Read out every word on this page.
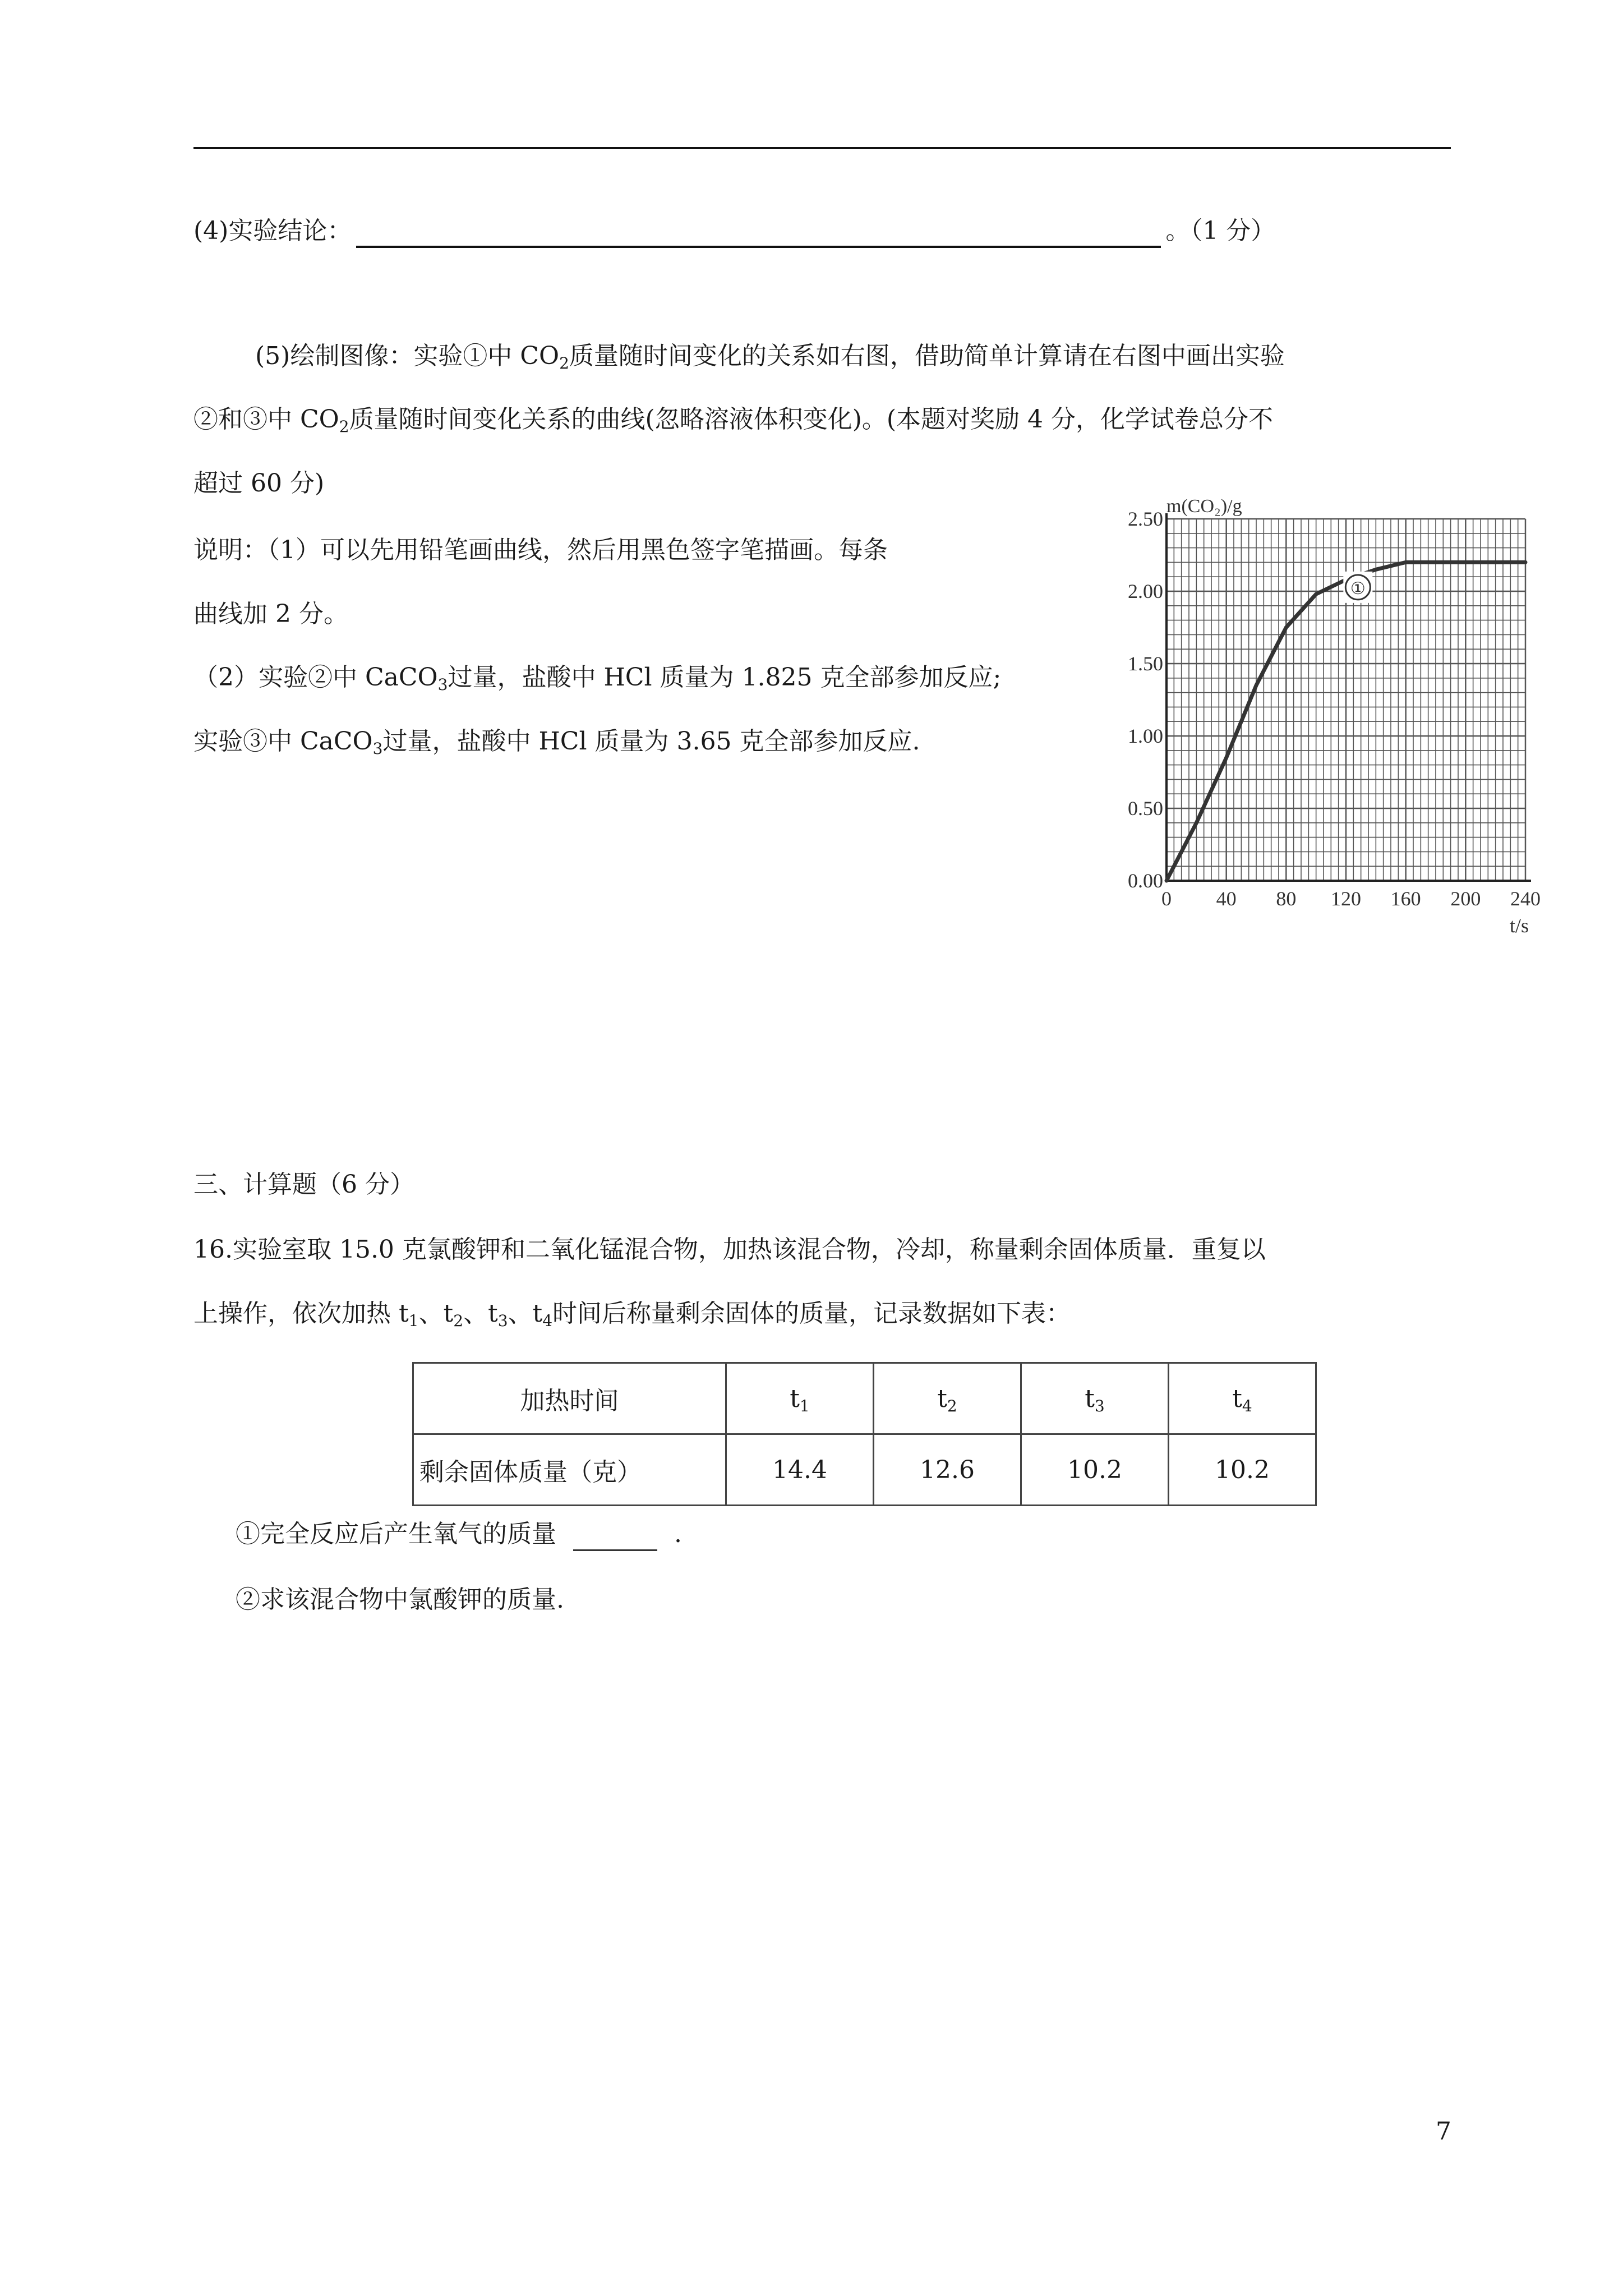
(4)实验结论：	。（1 分）
(5)绘制图像：实验①中 $CO_2$质量随时间变化的关系如右图，借助简单计算请在右图中画出实验
②和③中 $CO_2$质量随时间变化关系的曲线(忽略溶液体积变化)。(本题对奖励 4 分，化学试卷总分不
超过 60 分)
说明：（1）可以先用铅笔画曲线，然后用黑色签字笔描画。每条
曲线加 2 分。
（2）实验②中 CaCO$_3$过量，盐酸中 HCl 质量为 1.825 克全部参加反应;
实验③中 CaCO$_3$过量，盐酸中 HCl 质量为 3.65 克全部参加反应.
0.00
0.50
1.00
1.50
2.00
2.50
0 40 80 120 160 200 240
m(CO₂)/g
t/s
①
三、计算题（6 分）
16.实验室取 15.0 克氯酸钾和二氧化锰混合物，加热该混合物，冷却，称量剩余固体质量．重复以
上操作，依次加热 $t_1$、$t_2$、$t_3$、$t_4$时间后称量剩余固体的质量，记录数据如下表：
加热时间	$t_1$	$t_2$	$t_3$	$t_4$
剩余固体质量（克）	14.4	12.6	10.2	10.2
①完全反应后产生氧气的质量	.
②求该混合物中氯酸钾的质量.
7
